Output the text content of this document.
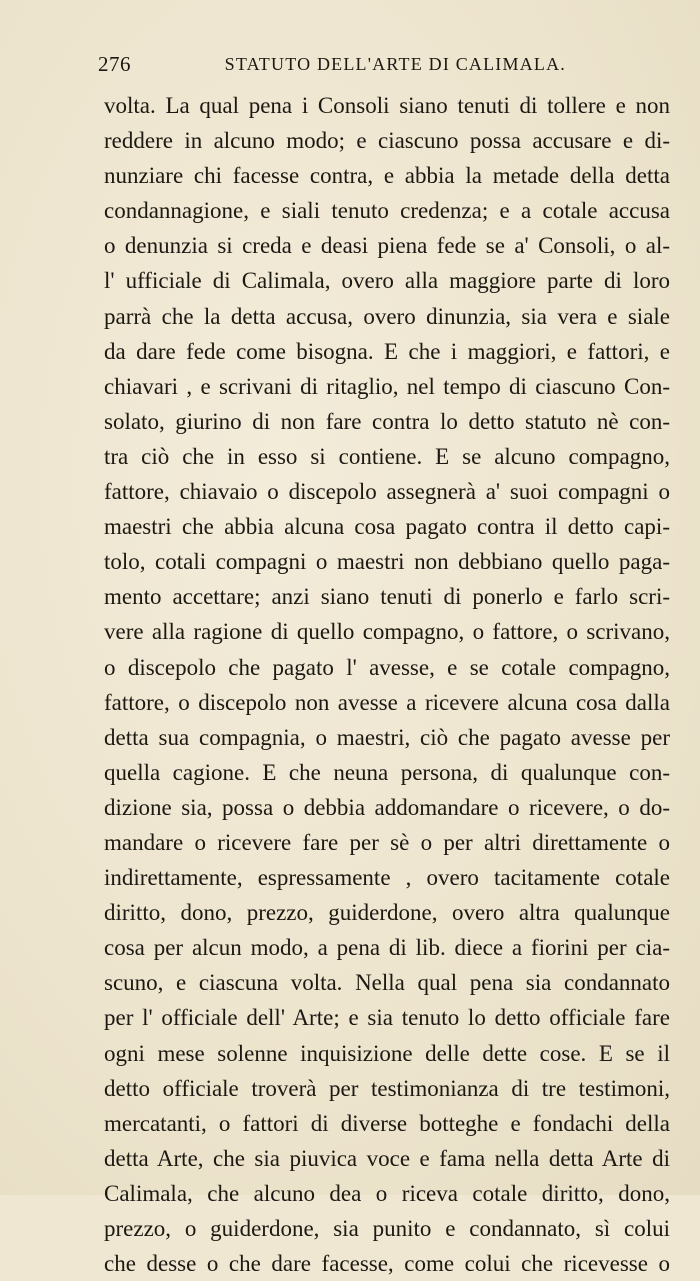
276	STATUTO DELL'ARTE DI CALIMALA.
volta. La qual pena i Consoli siano tenuti di tollere e non
reddere in alcuno modo; e ciascuno possa accusare e di-
nunziare chi facesse contra, e abbia la metade della detta
condannagione, e siali tenuto credenza; e a cotale accusa
o denunzia si creda e deasi piena fede se a' Consoli, o al-
l' ufficiale di Calimala, overo alla maggiore parte di loro
parrà che la detta accusa, overo dinunzia, sia vera e siale
da dare fede come bisogna. E che i maggiori, e fattori, e
chiavari , e scrivani di ritaglio, nel tempo di ciascuno Con-
solato, giurino di non fare contra lo detto statuto nè con-
tra ciò che in esso si contiene. E se alcuno compagno,
fattore, chiavaio o discepolo assegnerà a' suoi compagni o
maestri che abbia alcuna cosa pagato contra il detto capi-
tolo, cotali compagni o maestri non debbiano quello paga-
mento accettare; anzi siano tenuti di ponerlo e farlo scri-
vere alla ragione di quello compagno, o fattore, o scrivano,
o discepolo che pagato l' avesse, e se cotale compagno,
fattore, o discepolo non avesse a ricevere alcuna cosa dalla
detta sua compagnia, o maestri, ciò che pagato avesse per
quella cagione. E che neuna persona, di qualunque con-
dizione sia, possa o debbia addomandare o ricevere, o do-
mandare o ricevere fare per sè o per altri direttamente o
indirettamente, espressamente , overo tacitamente cotale
diritto, dono, prezzo, guiderdone, overo altra qualunque
cosa per alcun modo, a pena di lib. diece a fiorini per cia-
scuno, e ciascuna volta. Nella qual pena sia condannato
per l' officiale dell' Arte; e sia tenuto lo detto officiale fare
ogni mese solenne inquisizione delle dette cose. E se il
detto officiale troverà per testimonianza di tre testimoni,
mercatanti, o fattori di diverse botteghe e fondachi della
detta Arte, che sia piuvica voce e fama nella detta Arte di
Calimala, che alcuno dea o riceva cotale diritto, dono,
prezzo, o guiderdone, sia punito e condannato, sì colui
che desse o che dare facesse, come colui che ricevesse o
